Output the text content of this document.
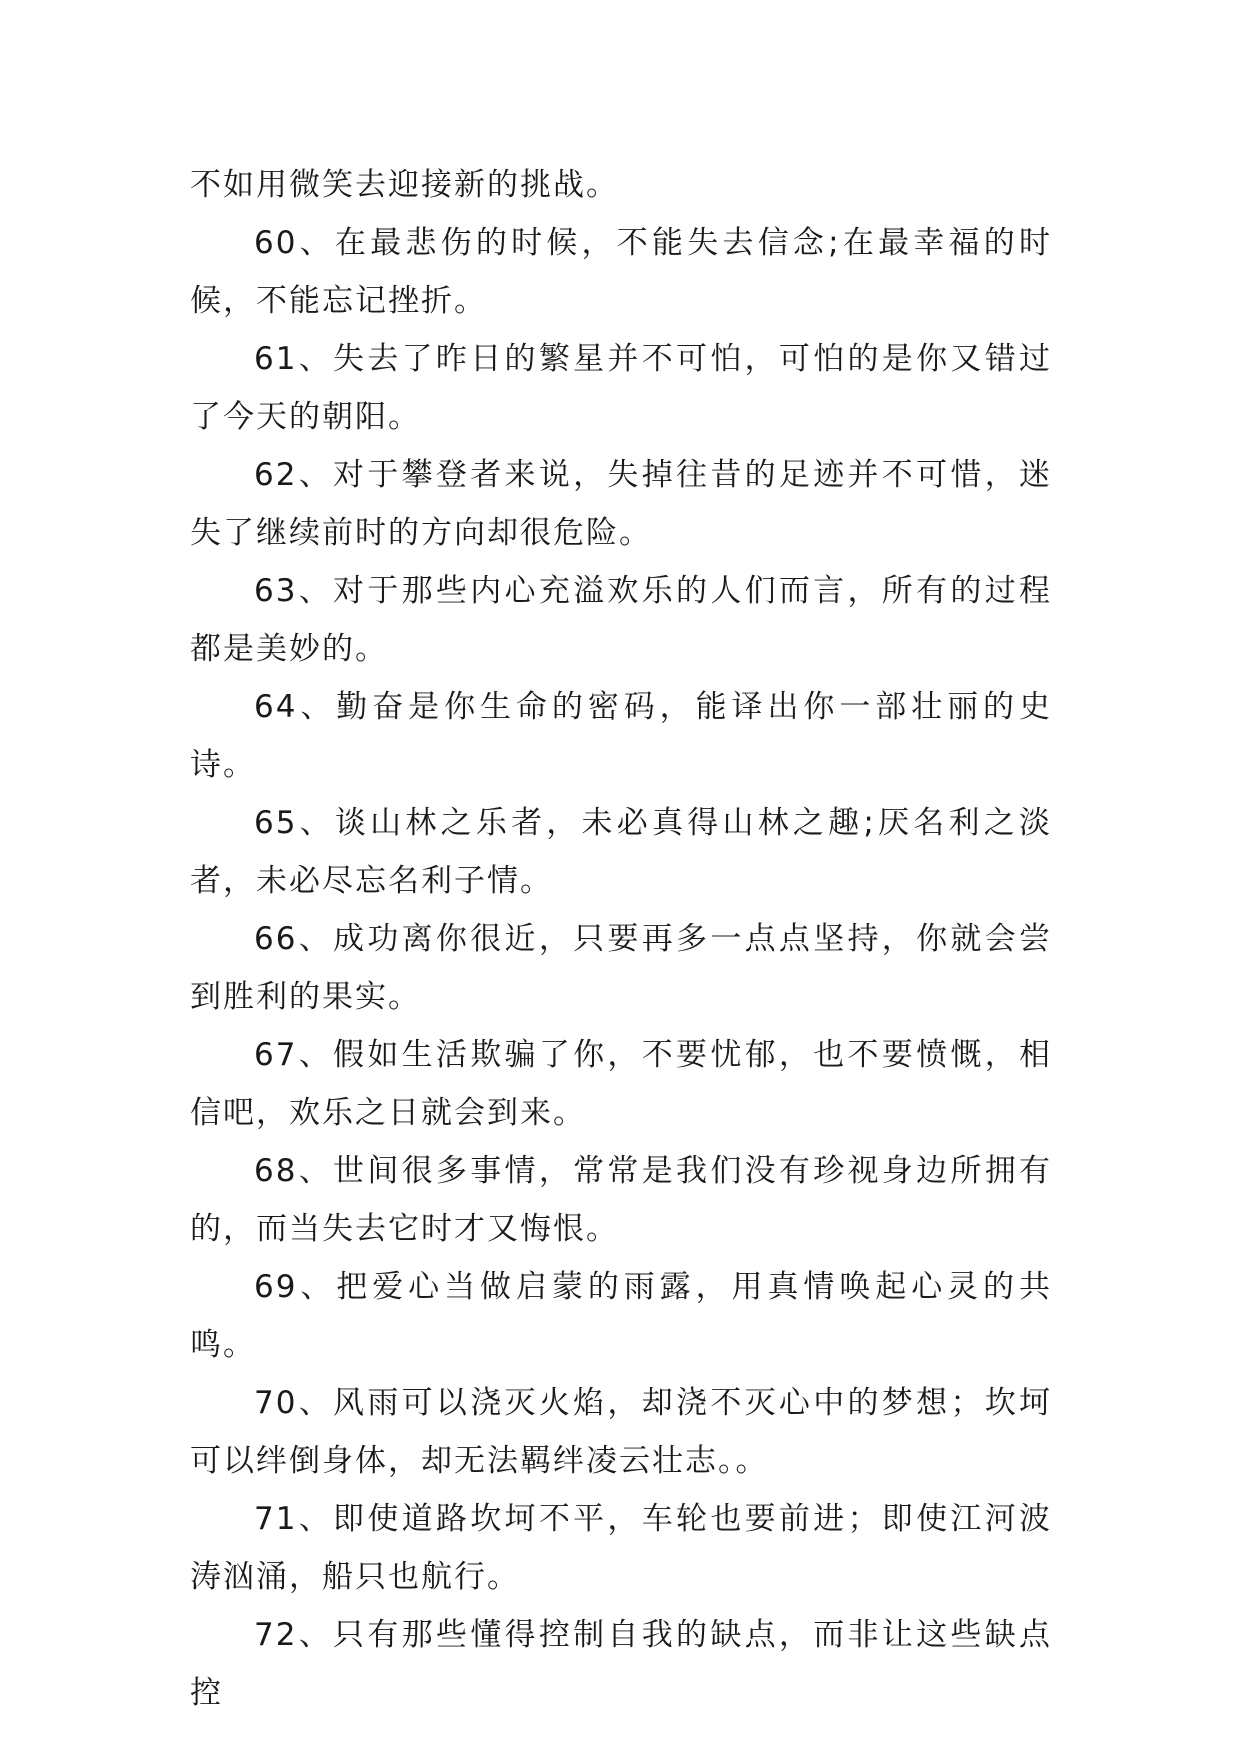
不如用微笑去迎接新的挑战。

60、在最悲伤的时候，不能失去信念;在最幸福的时候，不能忘记挫折。

61、失去了昨日的繁星并不可怕，可怕的是你又错过了今天的朝阳。

62、对于攀登者来说，失掉往昔的足迹并不可惜，迷失了继续前时的方向却很危险。

63、对于那些内心充溢欢乐的人们而言，所有的过程都是美妙的。

64、勤奋是你生命的密码，能译出你一部壮丽的史诗。

65、谈山林之乐者，未必真得山林之趣;厌名利之淡者，未必尽忘名利子情。

66、成功离你很近，只要再多一点点坚持，你就会尝到胜利的果实。

67、假如生活欺骗了你，不要忧郁，也不要愤慨，相信吧，欢乐之日就会到来。

68、世间很多事情，常常是我们没有珍视身边所拥有的，而当失去它时才又悔恨。

69、把爱心当做启蒙的雨露，用真情唤起心灵的共鸣。

70、风雨可以浇灭火焰，却浇不灭心中的梦想；坎坷可以绊倒身体，却无法羁绊凌云壮志。。

71、即使道路坎坷不平，车轮也要前进；即使江河波涛汹涌，船只也航行。

72、只有那些懂得控制自我的缺点，而非让这些缺点控
